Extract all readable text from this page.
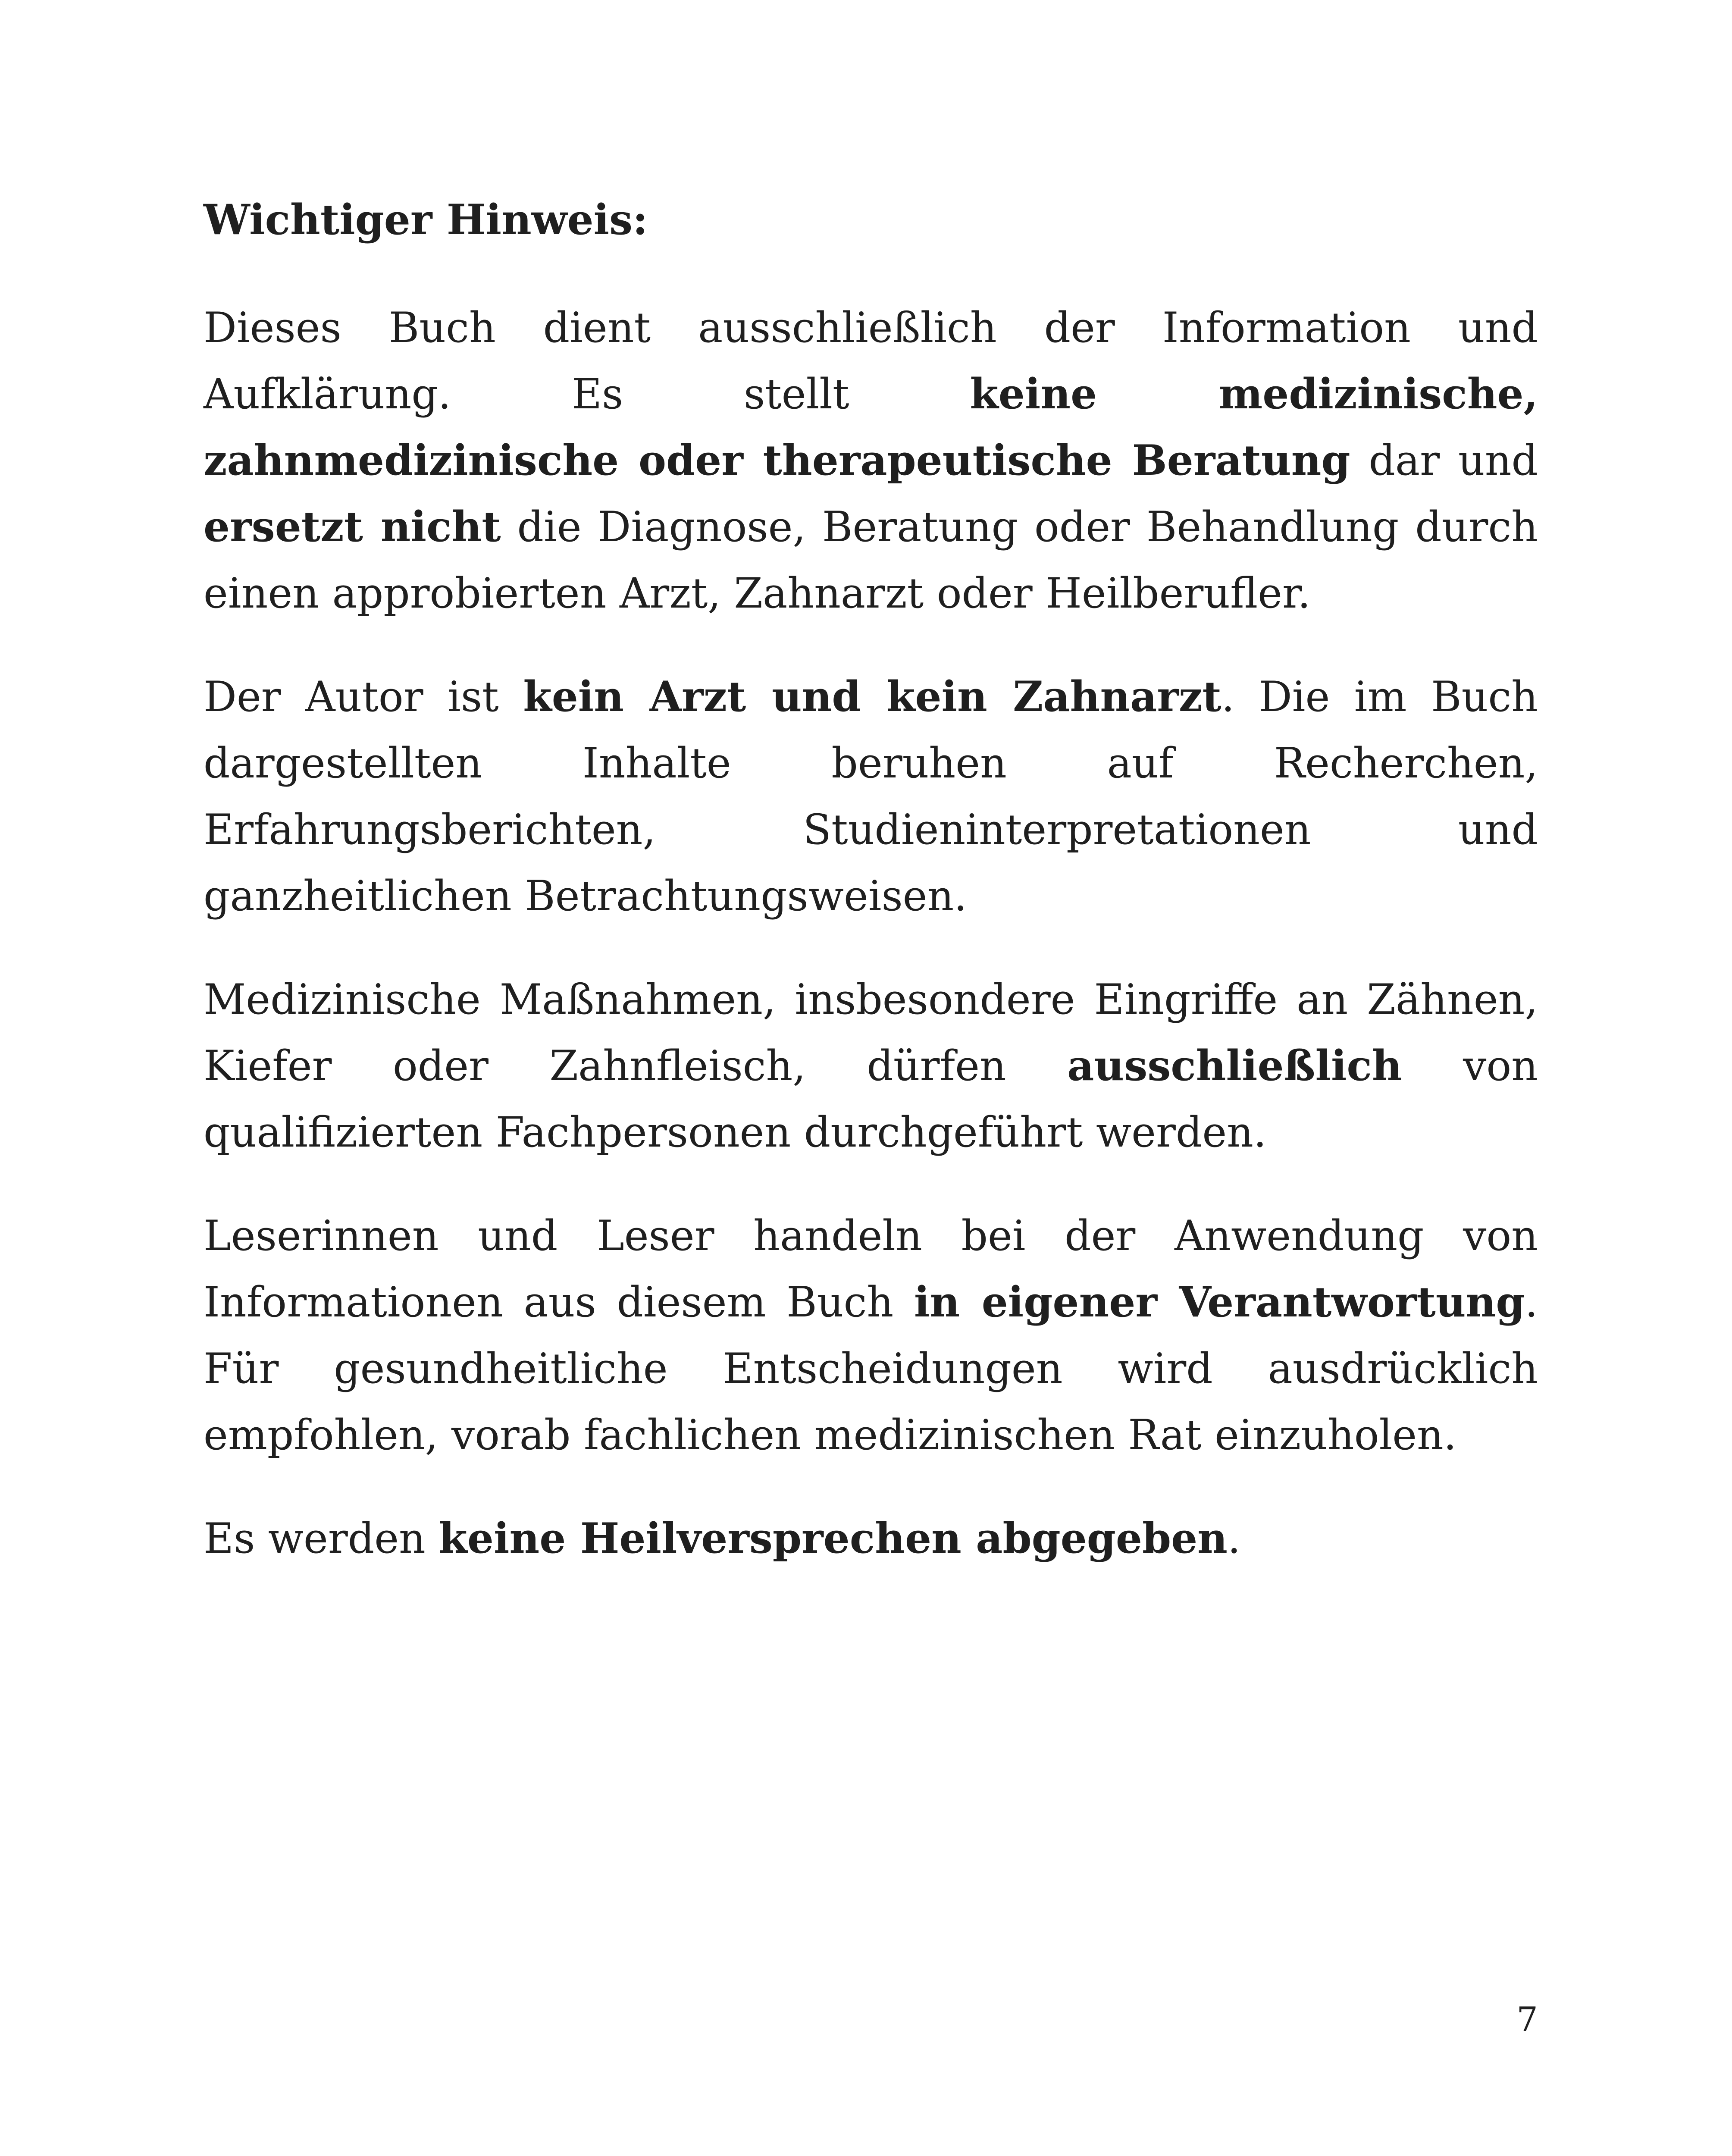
Wichtiger Hinweis:

Dieses Buch dient ausschließlich der Information und Aufklärung. Es stellt keine medizinische, zahnmedizinische oder therapeutische Beratung dar und ersetzt nicht die Diagnose, Beratung oder Behandlung durch einen approbierten Arzt, Zahnarzt oder Heilberufler.

Der Autor ist kein Arzt und kein Zahnarzt. Die im Buch dargestellten Inhalte beruhen auf Recherchen, Erfahrungsberichten, Studieninterpretationen und ganzheitlichen Betrachtungsweisen.

Medizinische Maßnahmen, insbesondere Eingriffe an Zähnen, Kiefer oder Zahnfleisch, dürfen ausschließlich von qualifizierten Fachpersonen durchgeführt werden.

Leserinnen und Leser handeln bei der Anwendung von Informationen aus diesem Buch in eigener Verantwortung. Für gesundheitliche Entscheidungen wird ausdrücklich empfohlen, vorab fachlichen medizinischen Rat einzuholen.

Es werden keine Heilversprechen abgegeben.

7
